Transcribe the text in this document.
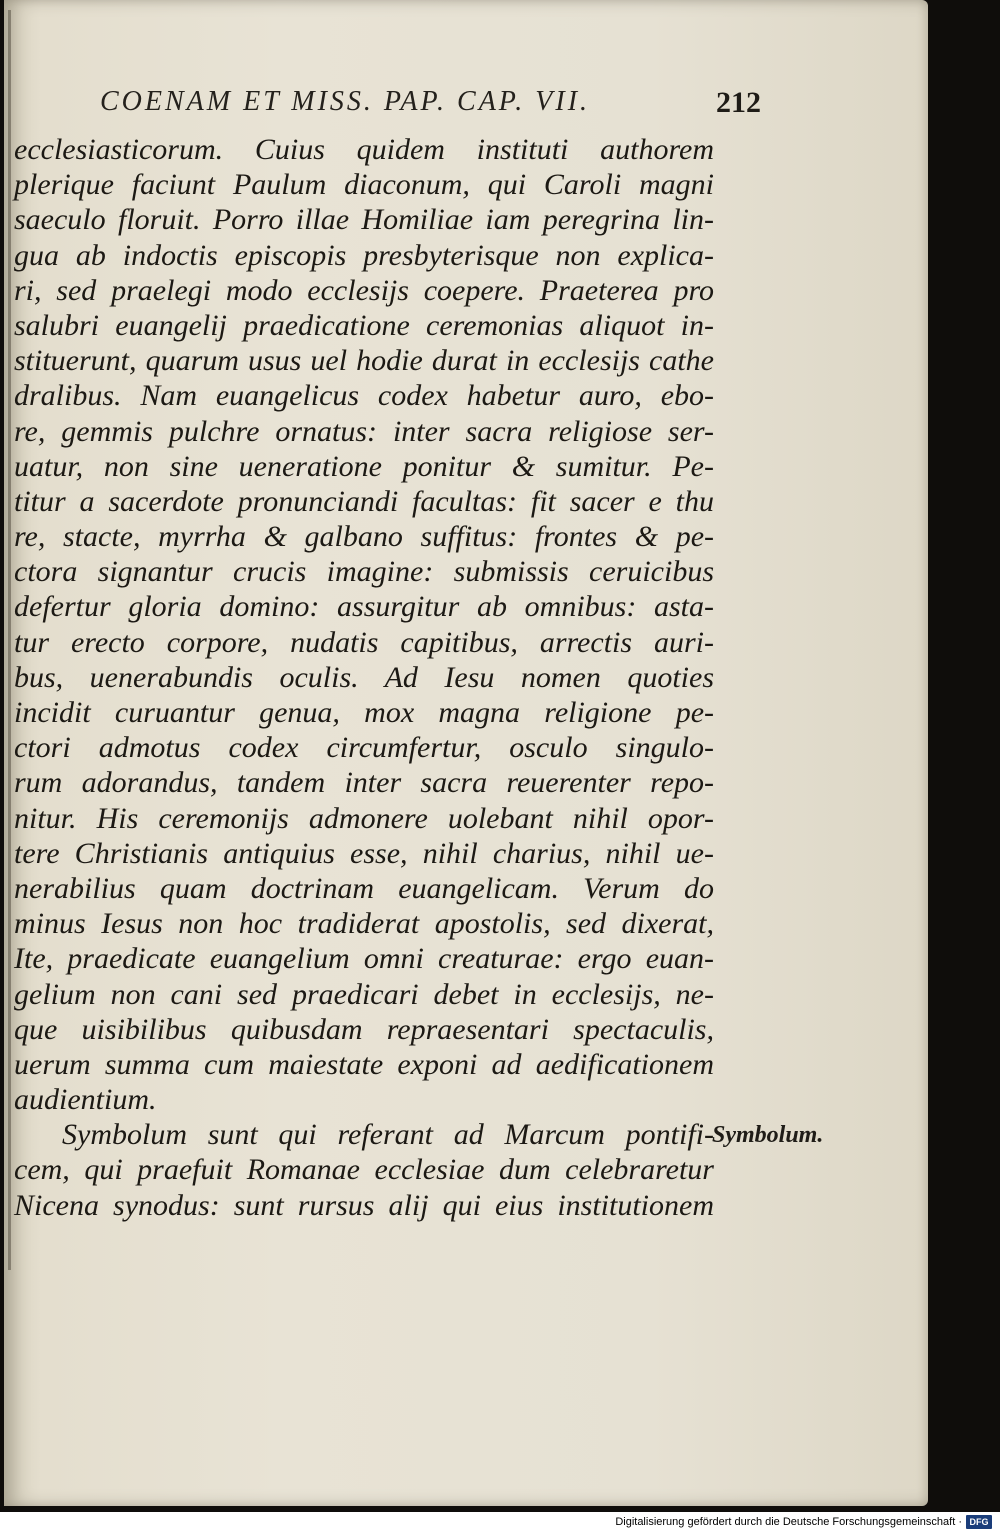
COENAM ET MISS. PAP. CAP. VII.	212
ecclesiasticorum. Cuius quidem instituti authorem
plerique faciunt Paulum diaconum, qui Caroli magni
saeculo floruit. Porro illae Homiliae iam peregrina lin-
gua ab indoctis episcopis presbyterisque non explica-
ri, sed praelegi modo ecclesijs coepere. Praeterea pro
salubri euangelij praedicatione ceremonias aliquot in-
stituerunt, quarum usus uel hodie durat in ecclesijs cathe
dralibus. Nam euangelicus codex habetur auro, ebo-
re, gemmis pulchre ornatus: inter sacra religiose ser-
uatur, non sine ueneratione ponitur & sumitur. Pe-
titur a sacerdote pronunciandi facultas: fit sacer e thu
re, stacte, myrrha & galbano suffitus: frontes & pe-
ctora signantur crucis imagine: submissis ceruicibus
defertur gloria domino: assurgitur ab omnibus: asta-
tur erecto corpore, nudatis capitibus, arrectis auri-
bus, uenerabundis oculis. Ad Iesu nomen quoties
incidit curuantur genua, mox magna religione pe-
ctori admotus codex circumfertur, osculo singulo-
rum adorandus, tandem inter sacra reuerenter repo-
nitur. His ceremonijs admonere uolebant nihil opor-
tere Christianis antiquius esse, nihil charius, nihil ue-
nerabilius quam doctrinam euangelicam. Verum do
minus Iesus non hoc tradiderat apostolis, sed dixerat,
Ite, praedicate euangelium omni creaturae: ergo euan-
gelium non cani sed praedicari debet in ecclesijs, ne-
que uisibilibus quibusdam repraesentari spectaculis,
uerum summa cum maiestate exponi ad aedificationem
audientium.
Symbolum sunt qui referant ad Marcum pontifi-
cem, qui praefuit Romanae ecclesiae dum celebraretur
Nicena synodus: sunt rursus alij qui eius institutionem
Symbolum.
Digitalisierung gefördert durch die Deutsche Forschungsgemeinschaft · DFG
